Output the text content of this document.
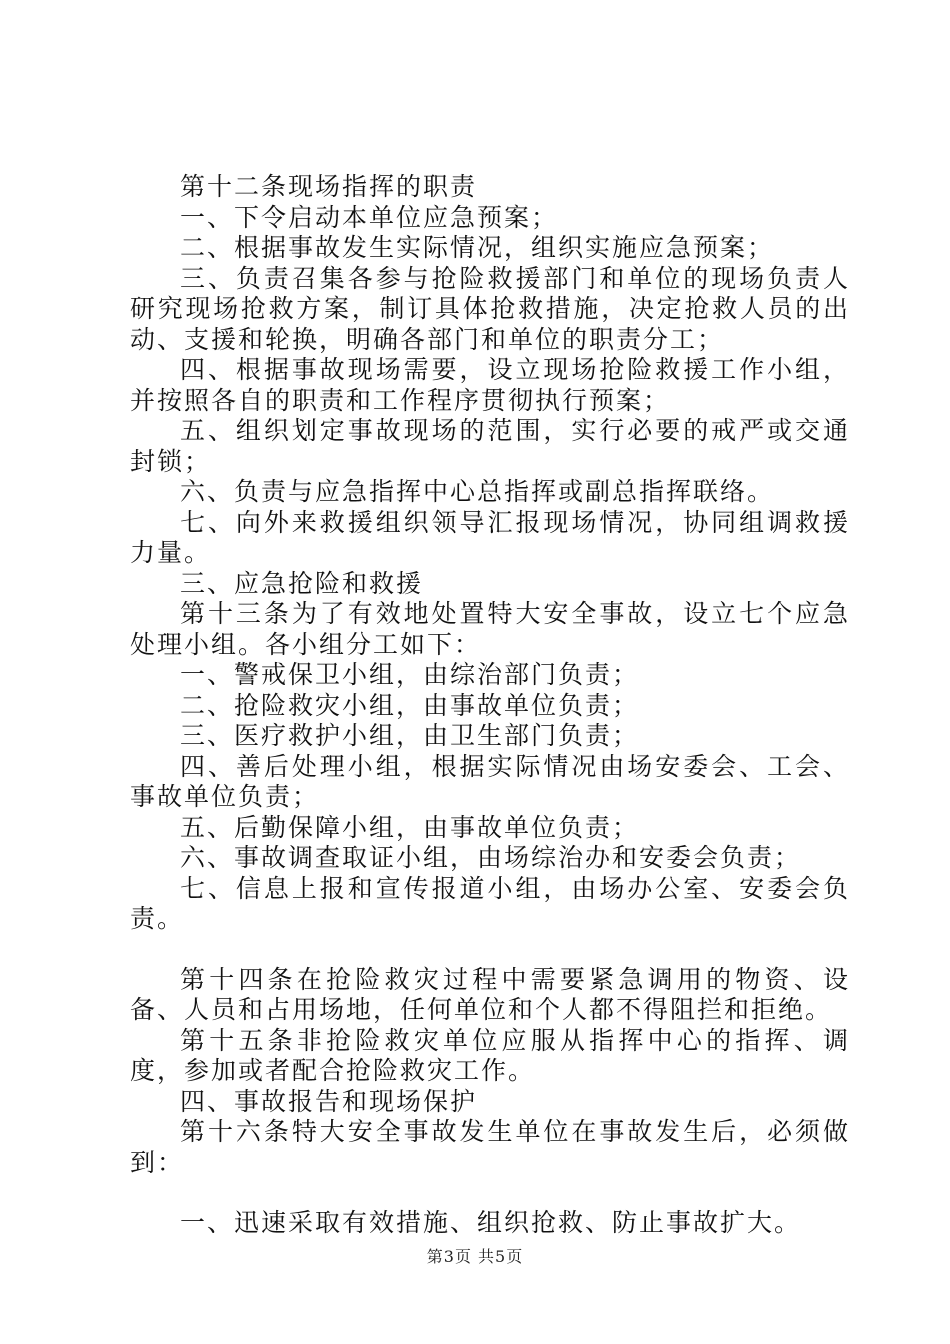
第十二条现场指挥的职责

一、下令启动本单位应急预案；

二、根据事故发生实际情况，组织实施应急预案；

三、负责召集各参与抢险救援部门和单位的现场负责人研究现场抢救方案，制订具体抢救措施，决定抢救人员的出动、支援和轮换，明确各部门和单位的职责分工；

四、根据事故现场需要，设立现场抢险救援工作小组，并按照各自的职责和工作程序贯彻执行预案；

五、组织划定事故现场的范围，实行必要的戒严或交通封锁；

六、负责与应急指挥中心总指挥或副总指挥联络。

七、向外来救援组织领导汇报现场情况，协同组调救援力量。

三、应急抢险和救援

第十三条为了有效地处置特大安全事故，设立七个应急处理小组。各小组分工如下：

一、警戒保卫小组，由综治部门负责；

二、抢险救灾小组，由事故单位负责；

三、医疗救护小组，由卫生部门负责；

四、善后处理小组，根据实际情况由场安委会、工会、事故单位负责；

五、后勤保障小组，由事故单位负责；

六、事故调查取证小组，由场综治办和安委会负责；

七、信息上报和宣传报道小组，由场办公室、安委会负责。

第十四条在抢险救灾过程中需要紧急调用的物资、设备、人员和占用场地，任何单位和个人都不得阻拦和拒绝。

第十五条非抢险救灾单位应服从指挥中心的指挥、调度，参加或者配合抢险救灾工作。

四、事故报告和现场保护

第十六条特大安全事故发生单位在事故发生后，必须做到：

一、迅速采取有效措施、组织抢救、防止事故扩大。

第3页 共5页
